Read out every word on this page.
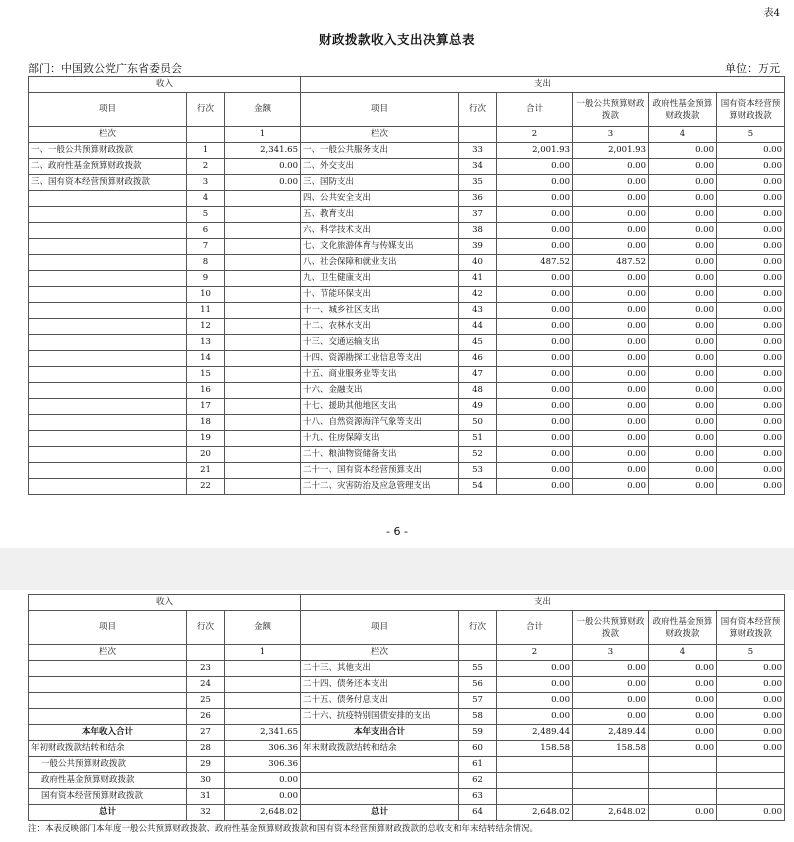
表4
财政拨款收入支出决算总表
部门：中国致公党广东省委员会	单位：万元
收入			支出					
项目	行次	金额	项目	行次	合计	一般公共预算财政拨款	政府性基金预算财政拨款	国有资本经营预算财政拨款
栏次		1	栏次		2	3	4	5
一、一般公共预算财政拨款	1	2,341.65	一、一般公共服务支出	33	2,001.93	2,001.93	0.00	0.00
二、政府性基金预算财政拨款	2	0.00	二、外交支出	34	0.00	0.00	0.00	0.00
三、国有资本经营预算财政拨款	3	0.00	三、国防支出	35	0.00	0.00	0.00	0.00
	4		四、公共安全支出	36	0.00	0.00	0.00	0.00
	5		五、教育支出	37	0.00	0.00	0.00	0.00
	6		六、科学技术支出	38	0.00	0.00	0.00	0.00
	7		七、文化旅游体育与传媒支出	39	0.00	0.00	0.00	0.00
	8		八、社会保障和就业支出	40	487.52	487.52	0.00	0.00
	9		九、卫生健康支出	41	0.00	0.00	0.00	0.00
	10		十、节能环保支出	42	0.00	0.00	0.00	0.00
	11		十一、城乡社区支出	43	0.00	0.00	0.00	0.00
	12		十二、农林水支出	44	0.00	0.00	0.00	0.00
	13		十三、交通运输支出	45	0.00	0.00	0.00	0.00
	14		十四、资源勘探工业信息等支出	46	0.00	0.00	0.00	0.00
	15		十五、商业服务业等支出	47	0.00	0.00	0.00	0.00
	16		十六、金融支出	48	0.00	0.00	0.00	0.00
	17		十七、援助其他地区支出	49	0.00	0.00	0.00	0.00
	18		十八、自然资源海洋气象等支出	50	0.00	0.00	0.00	0.00
	19		十九、住房保障支出	51	0.00	0.00	0.00	0.00
	20		二十、粮油物资储备支出	52	0.00	0.00	0.00	0.00
	21		二十一、国有资本经营预算支出	53	0.00	0.00	0.00	0.00
	22		二十二、灾害防治及应急管理支出	54	0.00	0.00	0.00	0.00
- 6 -
收入			支出					
项目	行次	金额	项目	行次	合计	一般公共预算财政拨款	政府性基金预算财政拨款	国有资本经营预算财政拨款
栏次		1	栏次		2	3	4	5
	23		二十三、其他支出	55	0.00	0.00	0.00	0.00
	24		二十四、债务还本支出	56	0.00	0.00	0.00	0.00
	25		二十五、债务付息支出	57	0.00	0.00	0.00	0.00
	26		二十六、抗疫特别国债安排的支出	58	0.00	0.00	0.00	0.00
本年收入合计	27	2,341.65	本年支出合计	59	2,489.44	2,489.44	0.00	0.00
年初财政拨款结转和结余	28	306.36	年末财政拨款结转和结余	60	158.58	158.58	0.00	0.00
一般公共预算财政拨款	29	306.36		61				
政府性基金预算财政拨款	30	0.00		62				
国有资本经营预算财政拨款	31	0.00		63				
总计	32	2,648.02	总计	64	2,648.02	2,648.02	0.00	0.00
注：本表反映部门本年度一般公共预算财政拨款、政府性基金预算财政拨款和国有资本经营预算财政拨款的总收支和年末结转结余情况。
